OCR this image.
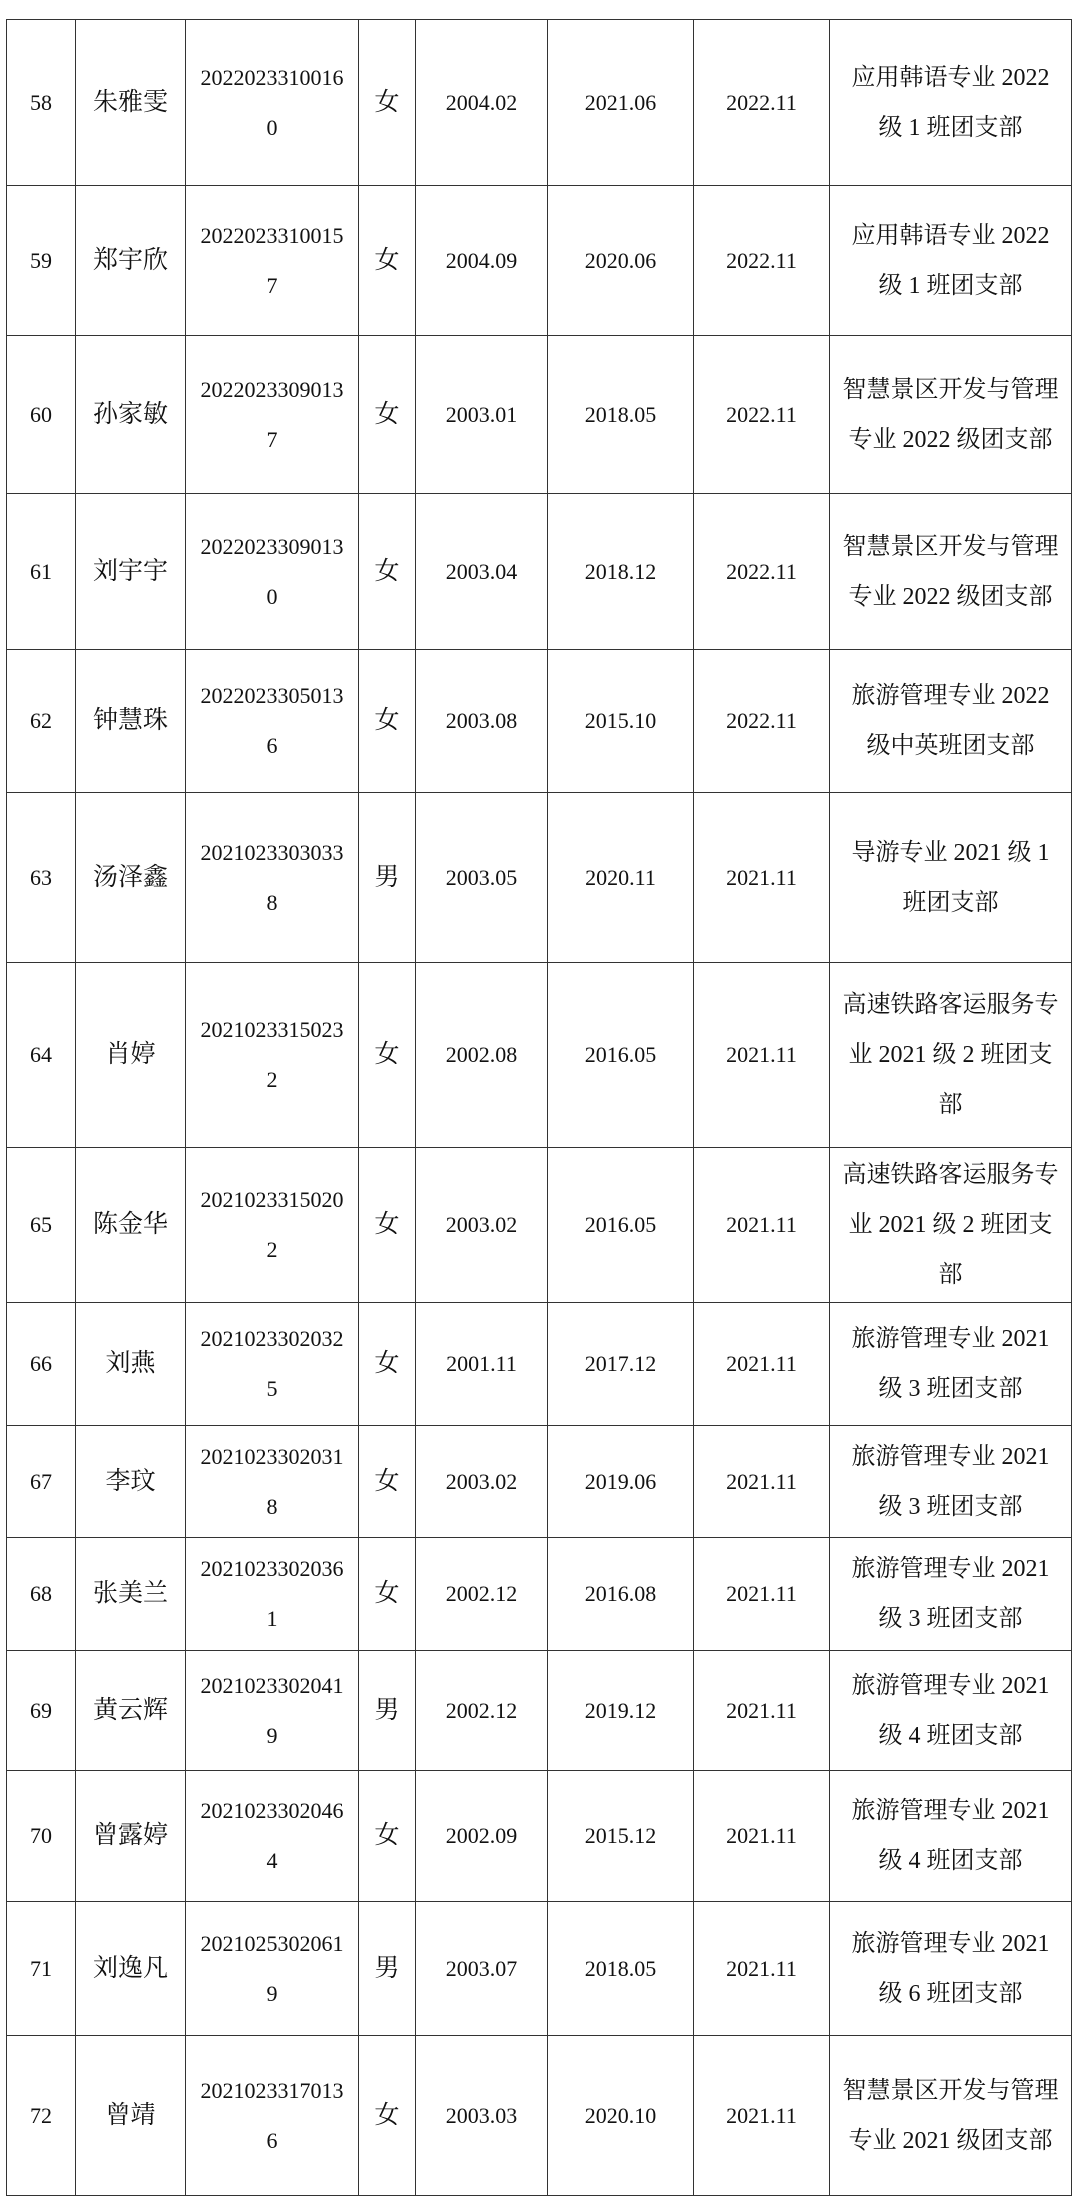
58	朱雅雯	20220233100160	女	2004.02	2021.06	2022.11	应用韩语专业 2022级 1 班团支部
59	郑宇欣	20220233100157	女	2004.09	2020.06	2022.11	应用韩语专业 2022级 1 班团支部
60	孙家敏	20220233090137	女	2003.01	2018.05	2022.11	智慧景区开发与管理专业 2022 级团支部
61	刘宇宇	20220233090130	女	2003.04	2018.12	2022.11	智慧景区开发与管理专业 2022 级团支部
62	钟慧珠	20220233050136	女	2003.08	2015.10	2022.11	旅游管理专业 2022级中英班团支部
63	汤泽鑫	20210233030338	男	2003.05	2020.11	2021.11	导游专业 2021 级 1班团支部
64	肖婷	20210233150232	女	2002.08	2016.05	2021.11	高速铁路客运服务专业 2021 级 2 班团支部
65	陈金华	20210233150202	女	2003.02	2016.05	2021.11	高速铁路客运服务专业 2021 级 2 班团支部
66	刘燕	20210233020325	女	2001.11	2017.12	2021.11	旅游管理专业 2021级 3 班团支部
67	李玟	20210233020318	女	2003.02	2019.06	2021.11	旅游管理专业 2021级 3 班团支部
68	张美兰	20210233020361	女	2002.12	2016.08	2021.11	旅游管理专业 2021级 3 班团支部
69	黄云辉	20210233020419	男	2002.12	2019.12	2021.11	旅游管理专业 2021级 4 班团支部
70	曾露婷	20210233020464	女	2002.09	2015.12	2021.11	旅游管理专业 2021级 4 班团支部
71	刘逸凡	20210253020619	男	2003.07	2018.05	2021.11	旅游管理专业 2021级 6 班团支部
72	曾靖	20210233170136	女	2003.03	2020.10	2021.11	智慧景区开发与管理专业 2021 级团支部
